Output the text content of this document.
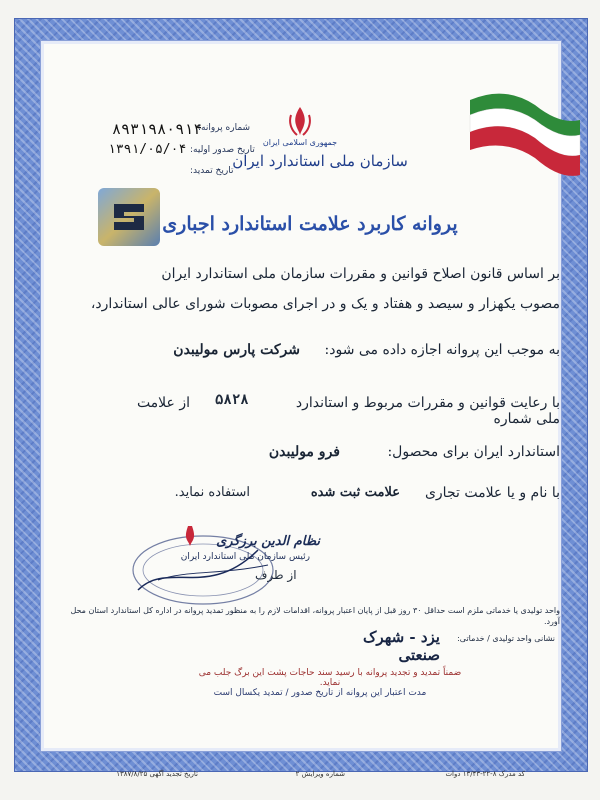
۸۹۳۱۹۸۰۹۱۴
۱۳۹۱/۰۵/۰۴
شماره پروانه:
تاریخ صدور اولیه:
تاریخ تمدید:
جمهوری اسلامی ایران
سازمان ملی استاندارد ایران
پروانه کاربرد علامت استاندارد اجباری
بر اساس قانون اصلاح قوانین و مقررات سازمان ملی استاندارد ایران
مصوب یکهزار و سیصد و هفتاد و یک و در اجرای مصوبات شورای عالی استاندارد،
به موجب این پروانه اجازه داده می شود:
شرکت پارس مولیبدن
با رعایت قوانین و مقررات مربوط و استاندارد ملی شماره
۵۸۲۸
از علامت
استاندارد ایران برای محصول:
فرو مولیبدن
با نام و یا علامت تجاری
علامت ثبت شده
استفاده نماید.
نظام الدین برزگری
رئیس سازمان ملی استاندارد ایران
از طرف
واحد تولیدی یا خدماتی ملزم است حداقل ۳۰ روز قبل از پایان اعتبار پروانه، اقدامات لازم را به منظور تمدید پروانه در اداره کل استاندارد استان محل آورد.
نشانی واحد تولیدی / خدماتی:
یزد - شهرک صنعتی
ضمناً تمدید و تجدید پروانه با رسید سند حاجات پشت این برگ جلب می نماید.
مدت اعتبار این پروانه از تاریخ صدور / تمدید یکسال است
تاریخ تجدید آگهی ۱۳۸۷/۸/۲۵	شماره ویرایش ۲	کد مدرک ۸-۲۲-۱۳/۴۳ دوات
